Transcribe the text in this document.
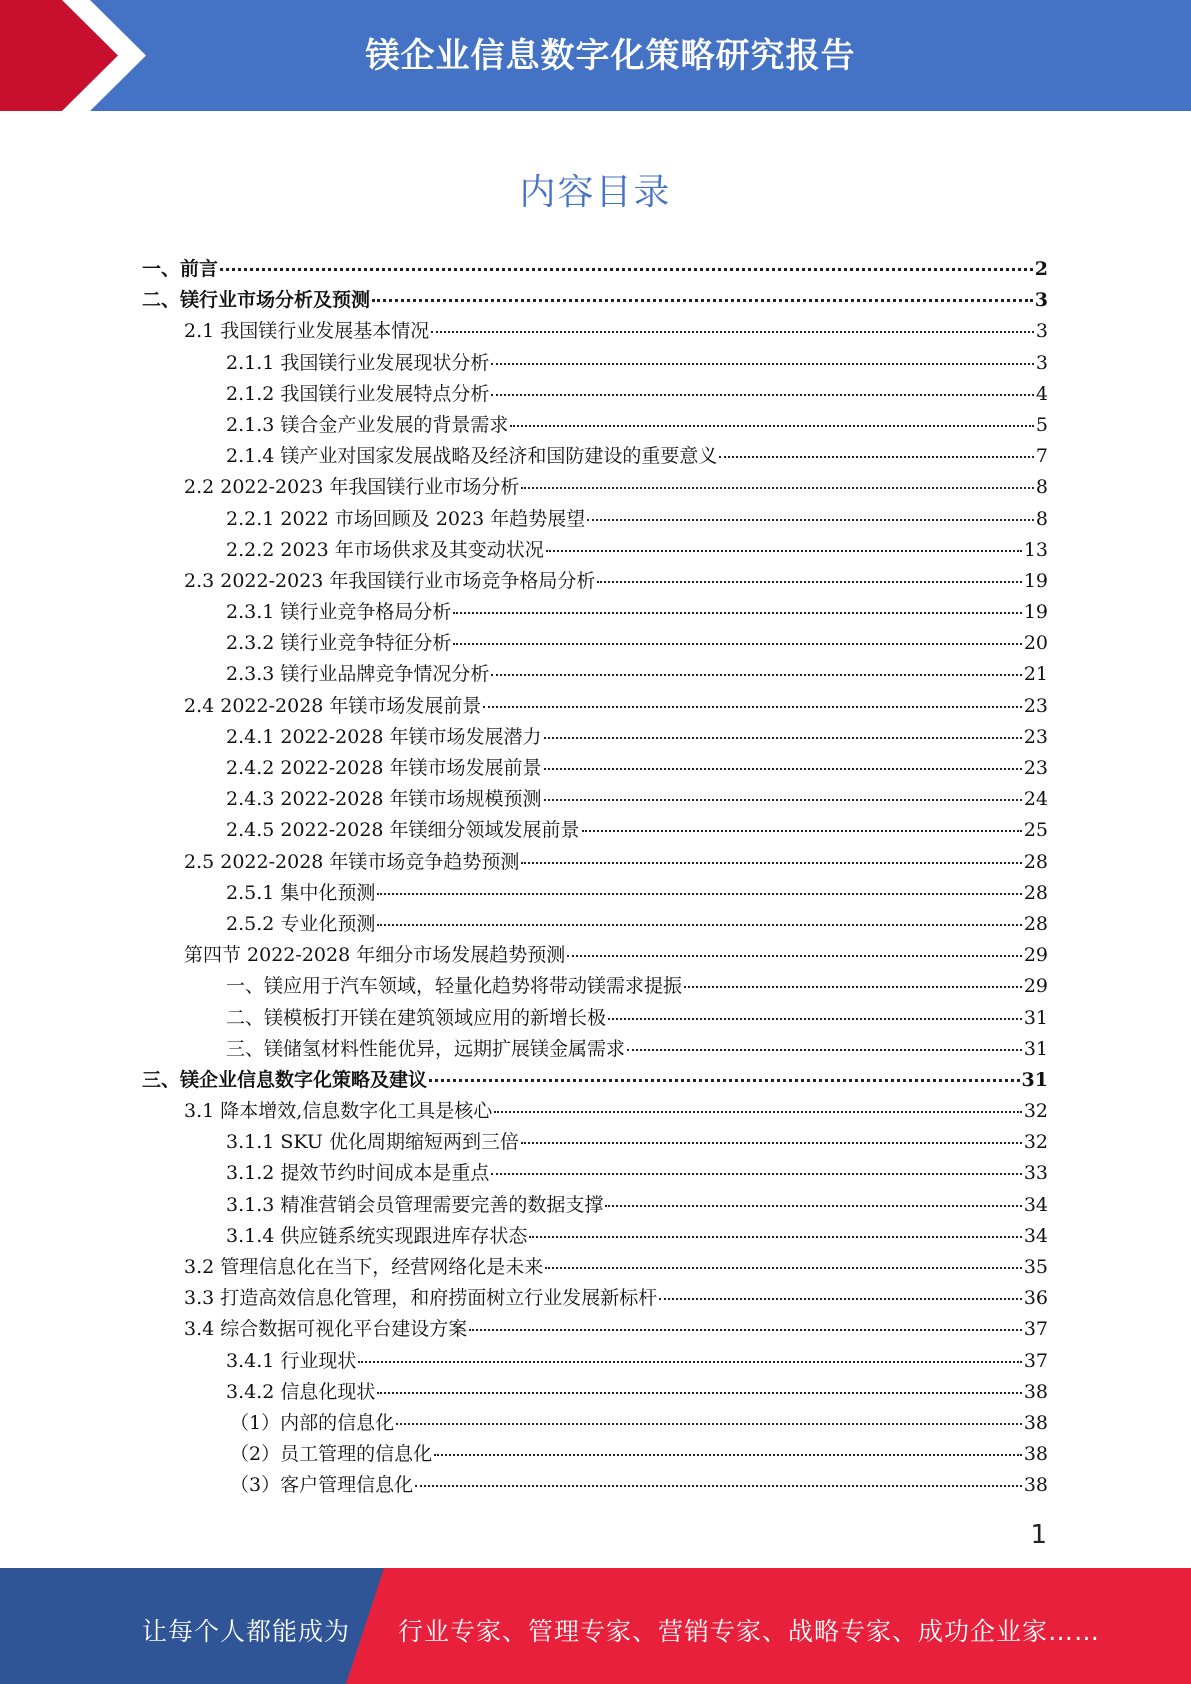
镁企业信息数字化策略研究报告
内容目录
一、前言	2
二、镁行业市场分析及预测	3
2.1 我国镁行业发展基本情况	3
2.1.1 我国镁行业发展现状分析	3
2.1.2 我国镁行业发展特点分析	4
2.1.3 镁合金产业发展的背景需求	5
2.1.4 镁产业对国家发展战略及经济和国防建设的重要意义	7
2.2 2022-2023 年我国镁行业市场分析	8
2.2.1 2022 市场回顾及 2023 年趋势展望	8
2.2.2 2023 年市场供求及其变动状况	13
2.3 2022-2023 年我国镁行业市场竞争格局分析	19
2.3.1 镁行业竞争格局分析	19
2.3.2 镁行业竞争特征分析	20
2.3.3 镁行业品牌竞争情况分析	21
2.4 2022-2028 年镁市场发展前景	23
2.4.1 2022-2028 年镁市场发展潜力	23
2.4.2 2022-2028 年镁市场发展前景	23
2.4.3 2022-2028 年镁市场规模预测	24
2.4.5 2022-2028 年镁细分领域发展前景	25
2.5 2022-2028 年镁市场竞争趋势预测	28
2.5.1 集中化预测	28
2.5.2 专业化预测	28
第四节 2022-2028 年细分市场发展趋势预测	29
一、镁应用于汽车领域，轻量化趋势将带动镁需求提振	29
二、镁模板打开镁在建筑领域应用的新增长极	31
三、镁储氢材料性能优异，远期扩展镁金属需求	31
三、镁企业信息数字化策略及建议	31
3.1 降本增效,信息数字化工具是核心	32
3.1.1 SKU 优化周期缩短两到三倍	32
3.1.2 提效节约时间成本是重点	33
3.1.3 精准营销会员管理需要完善的数据支撑	34
3.1.4 供应链系统实现跟进库存状态	34
3.2 管理信息化在当下，经营网络化是未来	35
3.3 打造高效信息化管理，和府捞面树立行业发展新标杆	36
3.4 综合数据可视化平台建设方案	37
3.4.1 行业现状	37
3.4.2 信息化现状	38
（1）内部的信息化	38
（2）员工管理的信息化	38
（3）客户管理信息化	38
1
让每个人都能成为 行业专家、管理专家、营销专家、战略专家、成功企业家……
